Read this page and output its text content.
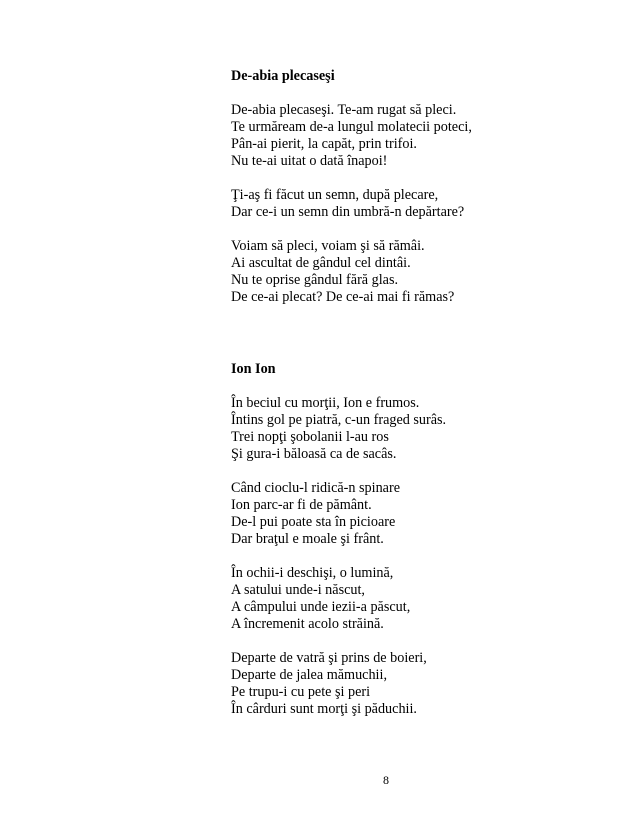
De-abia plecaseşi
De-abia plecaseşi. Te-am rugat să pleci.
Te urmăream de-a lungul molatecii poteci,
Pân-ai pierit, la capăt, prin trifoi.
Nu te-ai uitat o dată înapoi!
Ţi-aş fi făcut un semn, după plecare,
Dar ce-i un semn din umbră-n depărtare?
Voiam să pleci, voiam şi să rămâi.
Ai ascultat de gândul cel dintâi.
Nu te oprise gândul fără glas.
De ce-ai plecat? De ce-ai mai fi rămas?
Ion Ion
În beciul cu morţii, Ion e frumos.
Întins gol pe piatră, c-un fraged surâs.
Trei nopţi şobolanii l-au ros
Şi gura-i băloasă ca de sacâs.
Când cioclu-l ridică-n spinare
Ion parc-ar fi de pământ.
De-l pui poate sta în picioare
Dar braţul e moale şi frânt.
În ochii-i deschişi, o lumină,
A satului unde-i născut,
A câmpului unde iezii-a păscut,
A încremenit acolo străină.
Departe de vatră şi prins de boieri,
Departe de jalea mămuchii,
Pe trupu-i cu pete şi peri
În cârduri sunt morţi şi păduchii.
8
